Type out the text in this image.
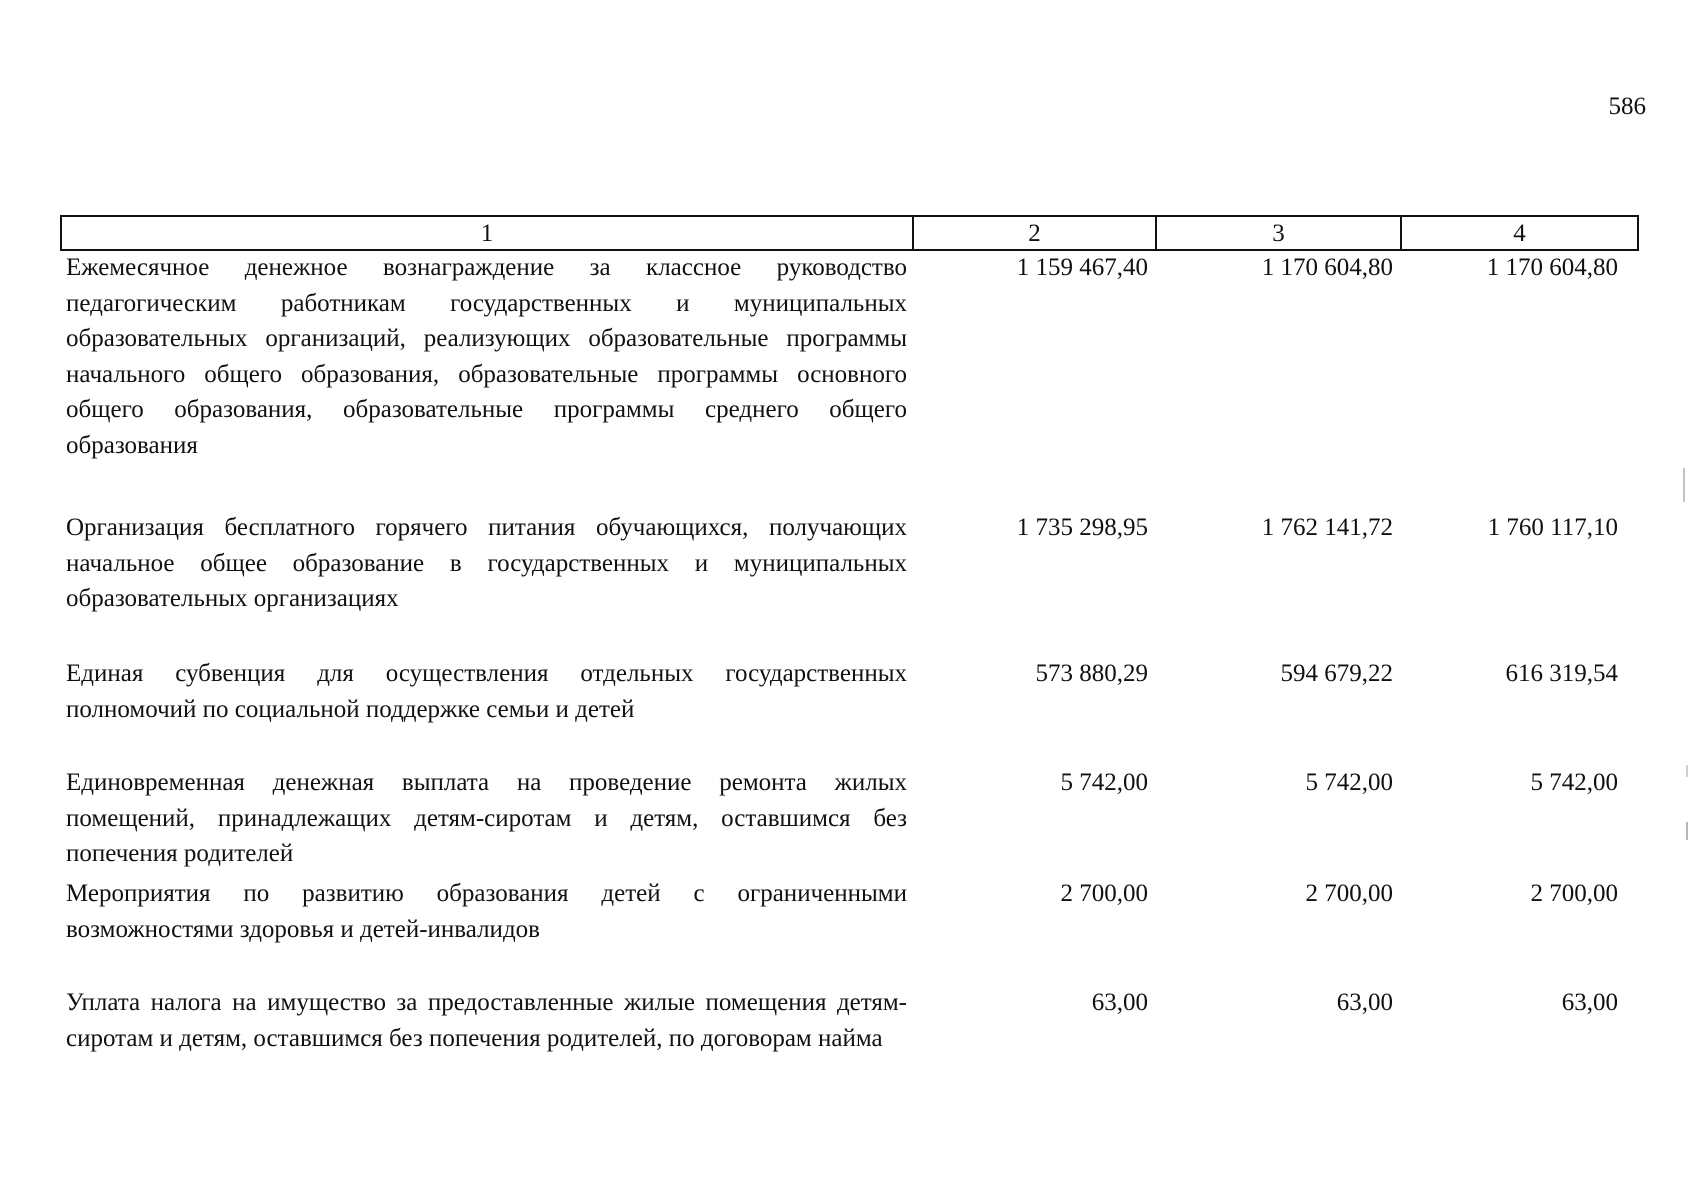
586
1	2	3	4
Ежемесячное денежное вознаграждение за классное руководство педагогическим работникам государственных и муниципальных образовательных организаций, реализующих образовательные программы начального общего образования, образовательные программы основного общего образования, образовательные программы среднего общего образования
1 159 467,40	1 170 604,80	1 170 604,80
Организация бесплатного горячего питания обучающихся, получающих начальное общее образование в государственных и муниципальных образовательных организациях
1 735 298,95	1 762 141,72	1 760 117,10
Единая субвенция для осуществления отдельных государственных полномочий по социальной поддержке семьи и детей
573 880,29	594 679,22	616 319,54
Единовременная денежная выплата на проведение ремонта жилых помещений, принадлежащих детям-сиротам и детям, оставшимся без попечения родителей
5 742,00	5 742,00	5 742,00
Мероприятия по развитию образования детей с ограниченными возможностями здоровья и детей-инвалидов
2 700,00	2 700,00	2 700,00
Уплата налога на имущество за предоставленные жилые помещения детям-сиротам и детям, оставшимся без попечения родителей, по договорам найма
63,00	63,00	63,00
